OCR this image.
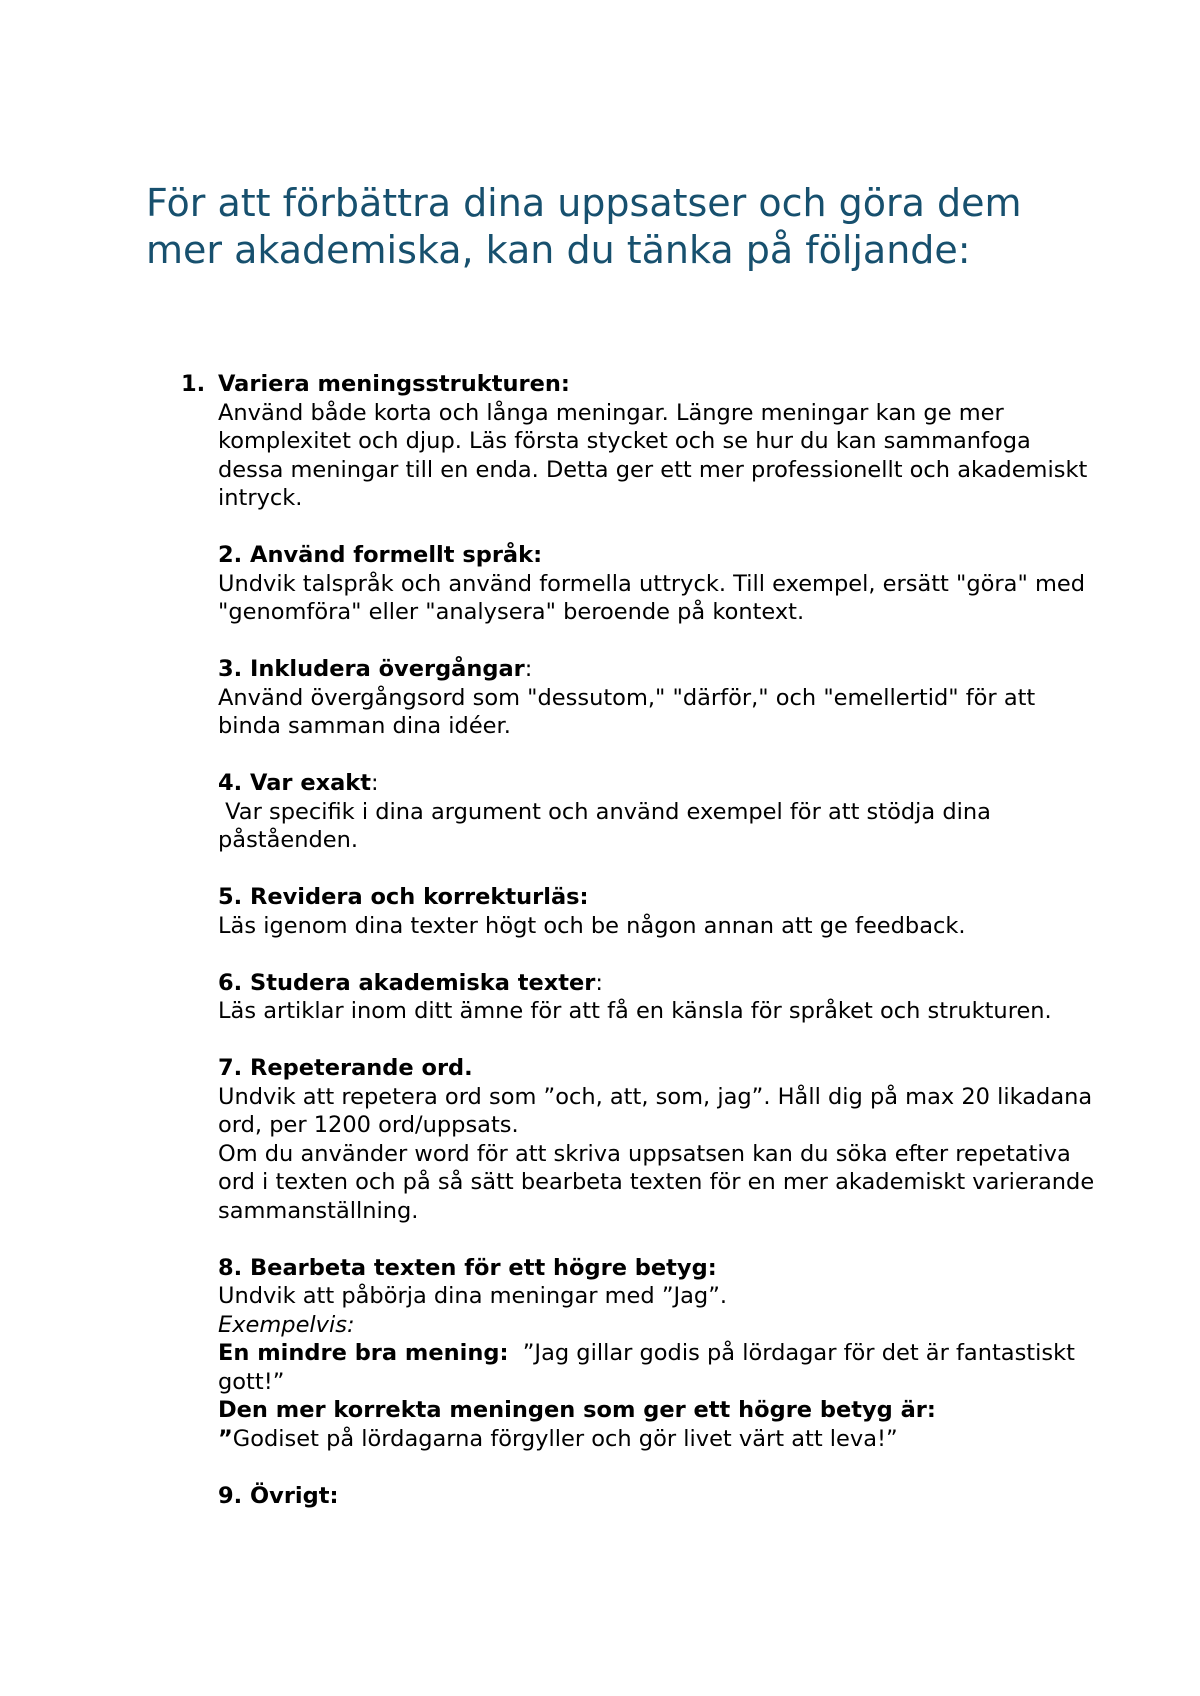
För att förbättra dina uppsatser och göra dem mer akademiska, kan du tänka på följande:
1. Variera meningsstrukturen:

Använd både korta och långa meningar. Längre meningar kan ge mer komplexitet och djup. Läs första stycket och se hur du kan sammanfoga dessa meningar till en enda. Detta ger ett mer professionellt och akademiskt intryck.

2. Använd formellt språk:

Undvik talspråk och använd formella uttryck. Till exempel, ersätt "göra" med "genomföra" eller "analysera" beroende på kontext.

3. Inkludera övergångar:

Använd övergångsord som "dessutom," "därför," och "emellertid" för att binda samman dina idéer.

4. Var exakt:

Var specifik i dina argument och använd exempel för att stödja dina påståenden.

5. Revidera och korrekturläs:

Läs igenom dina texter högt och be någon annan att ge feedback.

6. Studera akademiska texter:

Läs artiklar inom ditt ämne för att få en känsla för språket och strukturen.

7. Repeterande ord.

Undvik att repetera ord som ”och, att, som, jag”. Håll dig på max 20 likadana ord, per 1200 ord/uppsats.

Om du använder word för att skriva uppsatsen kan du söka efter repetativa ord i texten och på så sätt bearbeta texten för en mer akademiskt varierande sammanställning.

8. Bearbeta texten för ett högre betyg:

Undvik att påbörja dina meningar med ”Jag”.

Exempelvis:

En mindre bra mening:  ”Jag gillar godis på lördagar för det är fantastiskt gott!”

Den mer korrekta meningen som ger ett högre betyg är:

”Godiset på lördagarna förgyller och gör livet värt att leva!”

9. Övrigt:
